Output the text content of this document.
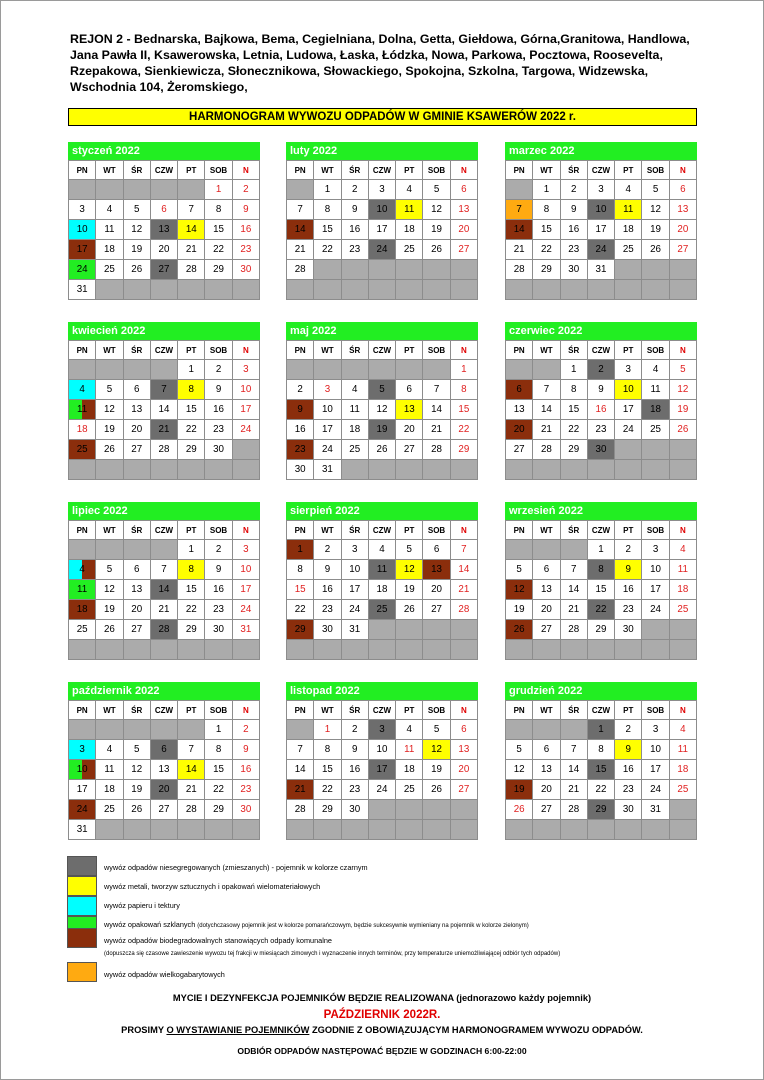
REJON 2 - Bednarska, Bajkowa, Bema, Cegielniana, Dolna, Getta, Giełdowa, Górna,Granitowa, Handlowa, Jana Pawła II, Ksawerowska, Letnia, Ludowa, Łaska, Łódzka, Nowa, Parkowa, Pocztowa, Roosevelta, Rzepakowa, Sienkiewicza, Słonecznikowa, Słowackiego, Spokojna, Szkolna, Targowa, Widzewska, Wschodnia 104, Żeromskiego,
HARMONOGRAM WYWOZU ODPADÓW W GMINIE KSAWERÓW 2022 r.
styczeń 2022
PN	WT	ŚR	CZW	PT	SOB	N
					1	2
3	4	5	6	7	8	9
10	11	12	13	14	15	16
17	18	19	20	21	22	23
24	25	26	27	28	29	30
31						
luty 2022
PN	WT	ŚR	CZW	PT	SOB	N
	1	2	3	4	5	6
7	8	9	10	11	12	13
14	15	16	17	18	19	20
21	22	23	24	25	26	27
28						

marzec 2022
PN	WT	ŚR	CZW	PT	SOB	N
	1	2	3	4	5	6
7	8	9	10	11	12	13
14	15	16	17	18	19	20
21	22	23	24	25	26	27
28	29	30	31			

kwiecień 2022
PN	WT	ŚR	CZW	PT	SOB	N
				1	2	3
4	5	6	7	8	9	10

11	12	13	14	15	16	17
18	19	20	21	22	23	24
25	26	27	28	29	30	

maj 2022
PN	WT	ŚR	CZW	PT	SOB	N
						1
2	3	4	5	6	7	8
9	10	11	12	13	14	15
16	17	18	19	20	21	22
23	24	25	26	27	28	29
30	31					
czerwiec 2022
PN	WT	ŚR	CZW	PT	SOB	N
		1	2	3	4	5
6	7	8	9	10	11	12
13	14	15	16	17	18	19
20	21	22	23	24	25	26
27	28	29	30			

lipiec 2022
PN	WT	ŚR	CZW	PT	SOB	N
				1	2	3

4	5	6	7	8	9	10
11	12	13	14	15	16	17
18	19	20	21	22	23	24
25	26	27	28	29	30	31

sierpień 2022
PN	WT	ŚR	CZW	PT	SOB	N
1	2	3	4	5	6	7
8	9	10	11	12	13	14
15	16	17	18	19	20	21
22	23	24	25	26	27	28
29	30	31				

wrzesień 2022
PN	WT	ŚR	CZW	PT	SOB	N
			1	2	3	4
5	6	7	8	9	10	11
12	13	14	15	16	17	18
19	20	21	22	23	24	25
26	27	28	29	30		

październik 2022
PN	WT	ŚR	CZW	PT	SOB	N
					1	2
3	4	5	6	7	8	9

10	11	12	13	14	15	16
17	18	19	20	21	22	23
24	25	26	27	28	29	30
31						
listopad 2022
PN	WT	ŚR	CZW	PT	SOB	N
	1	2	3	4	5	6
7	8	9	10	11	12	13
14	15	16	17	18	19	20
21	22	23	24	25	26	27
28	29	30				

grudzień 2022
PN	WT	ŚR	CZW	PT	SOB	N
			1	2	3	4
5	6	7	8	9	10	11
12	13	14	15	16	17	18
19	20	21	22	23	24	25
26	27	28	29	30	31	

wywóz odpadów niesegregowanych (zmieszanych) - pojemnik w kolorze czarnym
wywóz metali, tworzyw sztucznych i opakowań wielomateriałowych
wywóz papieru i tektury
wywóz opakowań szklanych (dotychczasowy pojemnik jest w kolorze pomarańczowym, będzie sukcesywnie wymieniany na pojemnik w kolorze zielonym)
wywóz odpadów biodegradowalnych stanowiących odpady komunalne
(dopuszcza się czasowe zawieszenie wywozu tej frakcji w miesiącach zimowych i wyznaczenie innych terminów, przy temperaturze uniemożliwiającej odbiór tych odpadów)
wywóz odpadów wielkogabarytowych
MYCIE I DEZYNFEKCJA POJEMNIKÓW BĘDZIE REALIZOWANA (jednorazowo każdy pojemnik)
PAŹDZIERNIK 2022R.
PROSIMY O WYSTAWIANIE POJEMNIKÓW ZGODNIE Z OBOWIĄZUJĄCYM HARMONOGRAMEM WYWOZU ODPADÓW.
ODBIÓR ODPADÓW NASTĘPOWAĆ BĘDZIE W GODZINACH 6:00-22:00
